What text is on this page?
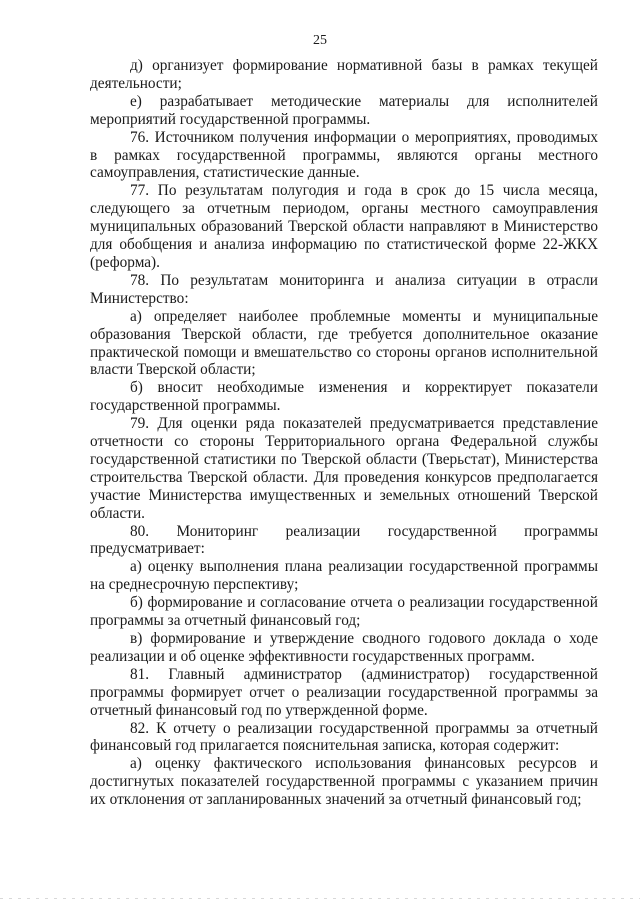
25

д) организует формирование нормативной базы в рамках текущей деятельности;

е) разрабатывает методические материалы для исполнителей мероприятий государственной программы.

76. Источником получения информации о мероприятиях, проводимых в рамках государственной программы, являются органы местного самоуправления, статистические данные.

77. По результатам полугодия и года в срок до 15 числа месяца, следующего за отчетным периодом, органы местного самоуправления муниципальных образований Тверской области направляют в Министерство для обобщения и анализа информацию по статистической форме 22-ЖКХ (реформа).

78. По результатам мониторинга и анализа ситуации в отрасли Министерство:

а) определяет наиболее проблемные моменты и муниципальные образования Тверской области, где требуется дополнительное оказание практической помощи и вмешательство со стороны органов исполнительной власти Тверской области;

б) вносит необходимые изменения и корректирует показатели государственной программы.

79. Для оценки ряда показателей предусматривается представление отчетности со стороны Территориального органа Федеральной службы государственной статистики по Тверской области (Тверьстат), Министерства строительства Тверской области. Для проведения конкурсов предполагается участие Министерства имущественных и земельных отношений Тверской области.

80. Мониторинг реализации государственной программы предусматривает:

а) оценку выполнения плана реализации государственной программы на среднесрочную перспективу;

б) формирование и согласование отчета о реализации государственной программы за отчетный финансовый год;

в) формирование и утверждение сводного годового доклада о ходе реализации и об оценке эффективности государственных программ.

81. Главный администратор (администратор) государственной программы формирует отчет о реализации государственной программы за отчетный финансовый год по утвержденной форме.

82. К отчету о реализации государственной программы за отчетный финансовый год прилагается пояснительная записка, которая содержит:

а) оценку фактического использования финансовых ресурсов и достигнутых показателей государственной программы с указанием причин их отклонения от запланированных значений за отчетный финансовый год;
